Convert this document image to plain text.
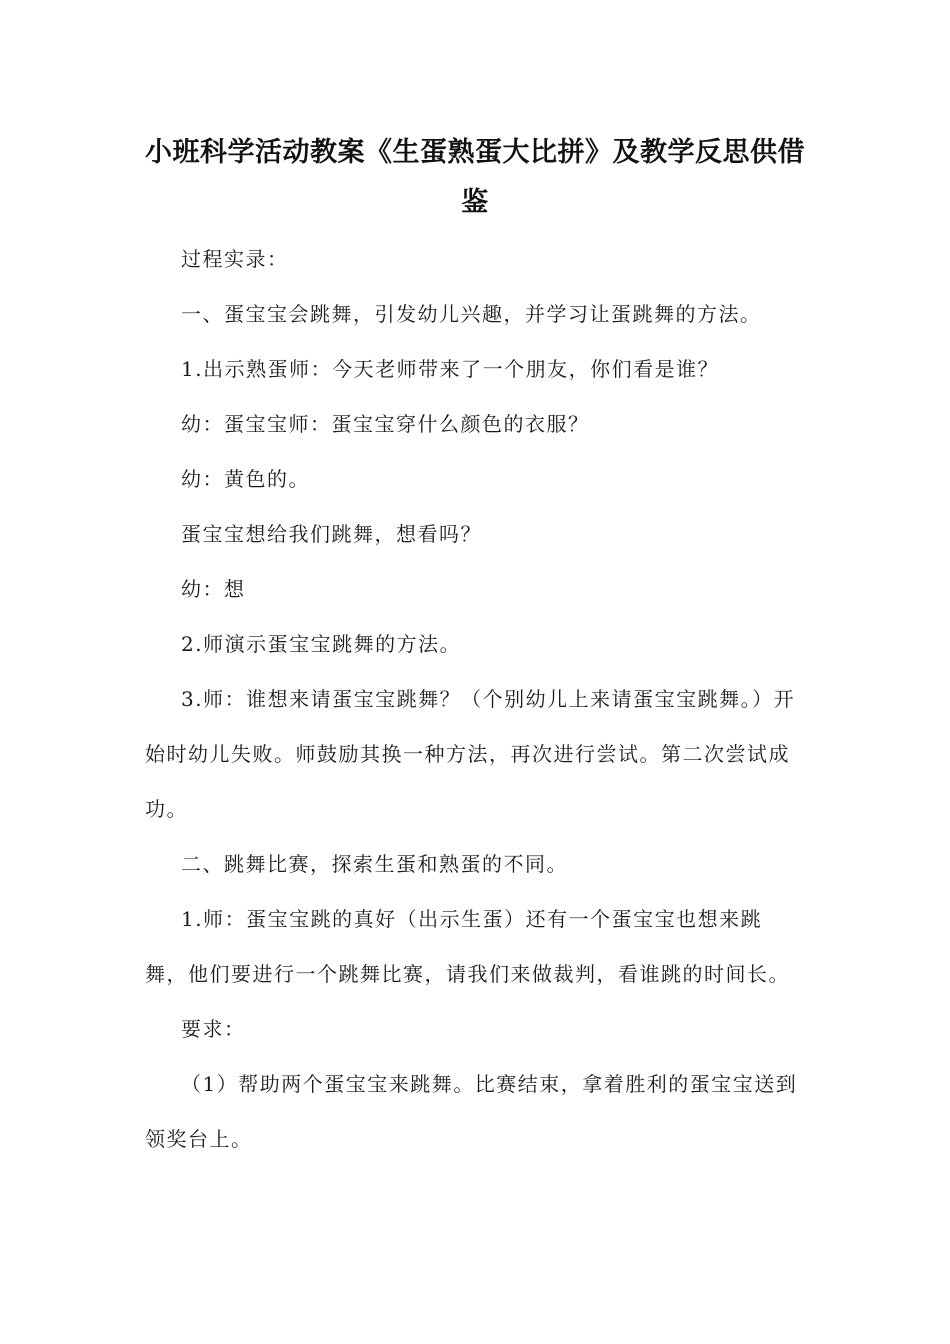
小班科学活动教案《生蛋熟蛋大比拼》及教学反思供借鉴

过程实录：

一、蛋宝宝会跳舞，引发幼儿兴趣，并学习让蛋跳舞的方法。

1.出示熟蛋师：今天老师带来了一个朋友，你们看是谁？

幼：蛋宝宝师：蛋宝宝穿什么颜色的衣服？

幼：黄色的。

蛋宝宝想给我们跳舞，想看吗？

幼：想

2.师演示蛋宝宝跳舞的方法。

3.师：谁想来请蛋宝宝跳舞？（个别幼儿上来请蛋宝宝跳舞。）开始时幼儿失败。师鼓励其换一种方法，再次进行尝试。第二次尝试成功。

二、跳舞比赛，探索生蛋和熟蛋的不同。

1.师：蛋宝宝跳的真好（出示生蛋）还有一个蛋宝宝也想来跳舞，他们要进行一个跳舞比赛，请我们来做裁判，看谁跳的时间长。

要求：

（1）帮助两个蛋宝宝来跳舞。比赛结束，拿着胜利的蛋宝宝送到领奖台上。
